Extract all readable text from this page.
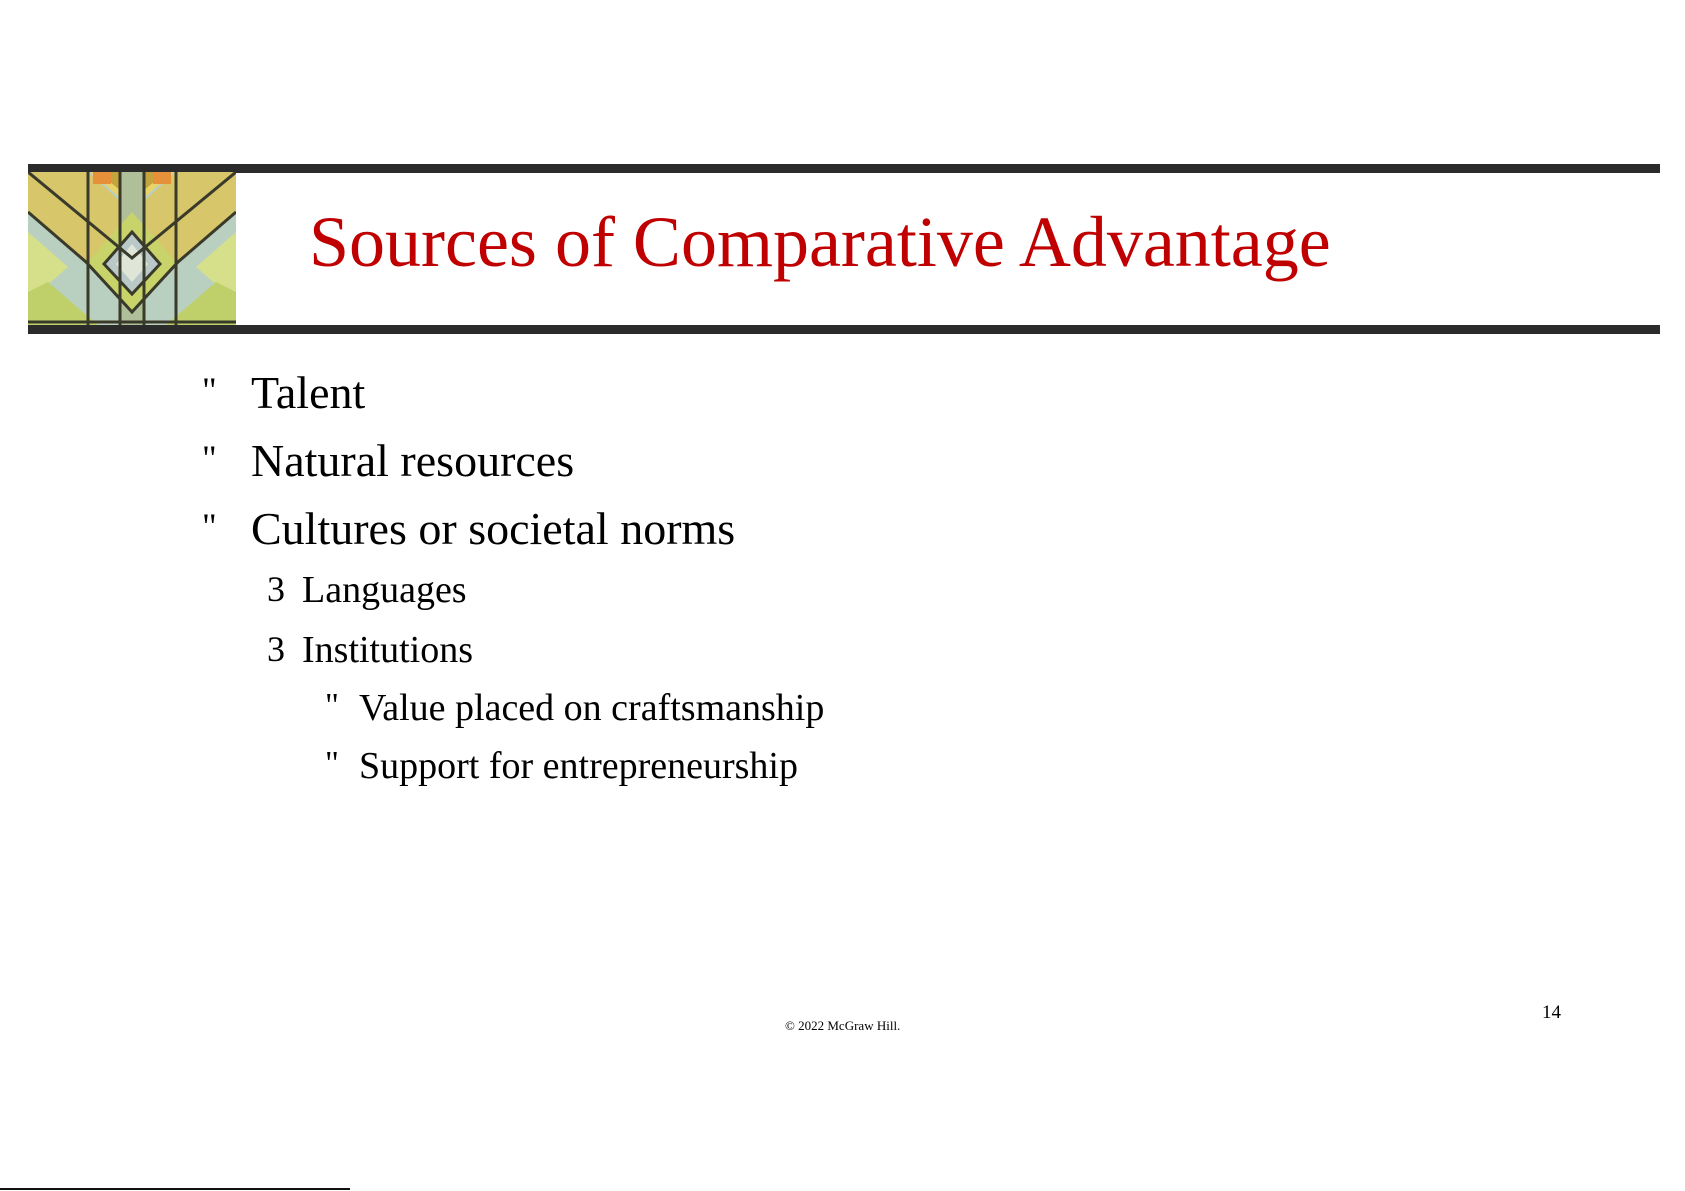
Sources of Comparative Advantage
" Talent
" Natural resources
" Cultures or societal norms
3 Languages
3 Institutions
" Value placed on craftsmanship
" Support for entrepreneurship
© 2022 McGraw Hill.
14
